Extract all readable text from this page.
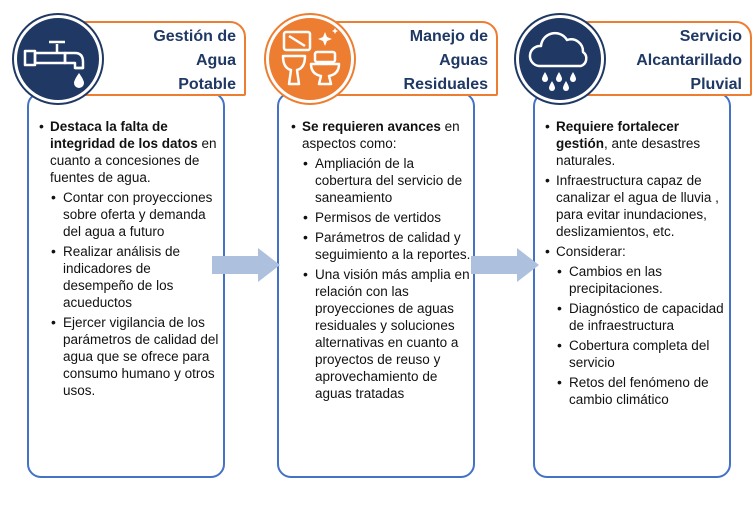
Gestión de
Agua
Potable
Manejo de
Aguas
Residuales
Servicio
Alcantarillado
Pluvial
• Destaca la falta de integridad de los datos en cuanto a concesiones de fuentes de agua.
• Contar con proyecciones sobre oferta y demanda del agua a futuro
• Realizar análisis de indicadores de desempeño de los acueductos
• Ejercer vigilancia de los parámetros de calidad del agua que se ofrece para consumo humano y otros usos.
• Se requieren avances en aspectos como:
• Ampliación de la cobertura del servicio de saneamiento
• Permisos de vertidos
• Parámetros de calidad y seguimiento a la reportes.
• Una visión más amplia en relación con las proyecciones de aguas residuales y soluciones alternativas en cuanto a proyectos de reuso y aprovechamiento de aguas tratadas
• Requiere fortalecer gestión, ante desastres naturales.
• Infraestructura capaz de canalizar el agua de lluvia , para evitar inundaciones, deslizamientos, etc.
• Considerar:
• Cambios en las precipitaciones.
• Diagnóstico de capacidad de infraestructura
• Cobertura completa del servicio
• Retos del fenómeno de cambio climático
